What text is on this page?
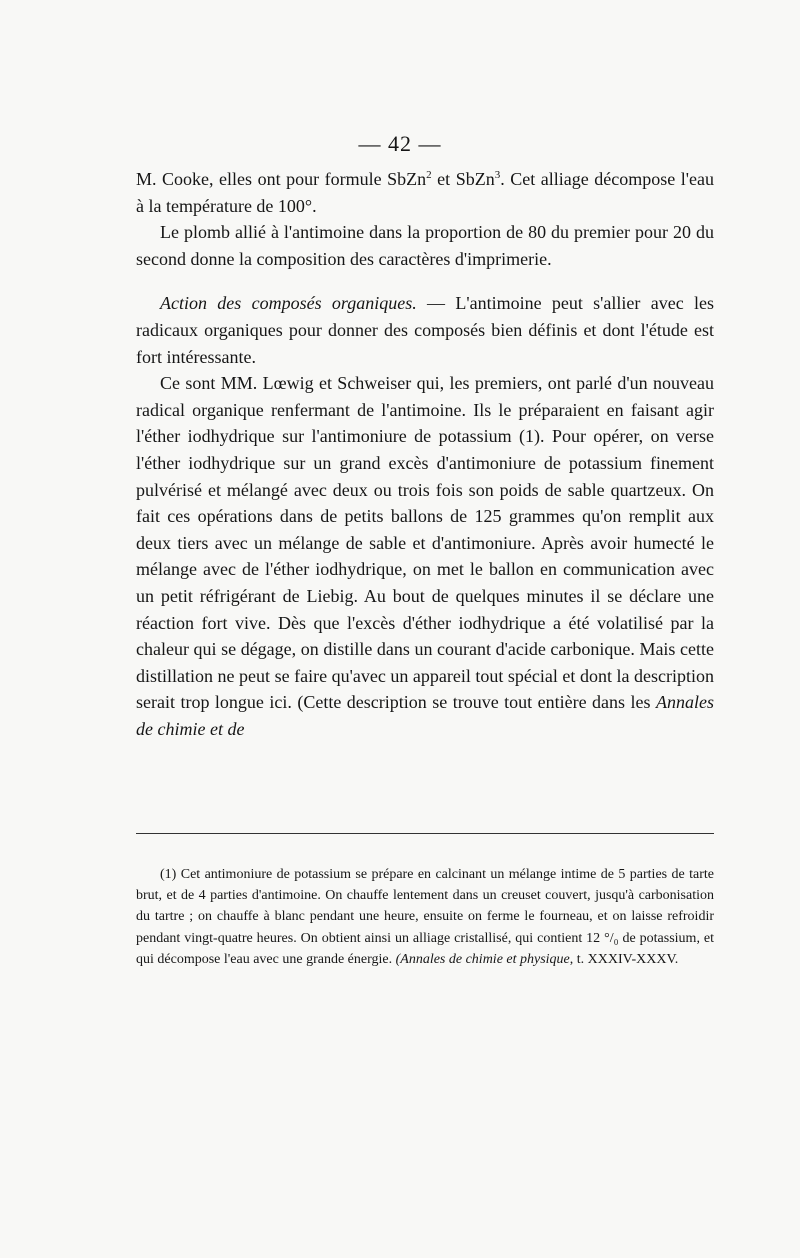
— 42 —

M. Cooke, elles ont pour formule SbZn$^2$ et SbZn$^3$. Cet alliage décompose l'eau à la température de 100°.

Le plomb allié à l'antimoine dans la proportion de 80 du premier pour 20 du second donne la composition des caractères d'imprimerie.

Action des composés organiques. — L'antimoine peut s'allier avec les radicaux organiques pour donner des composés bien définis et dont l'étude est fort intéressante.

Ce sont MM. Lœwig et Schweiser qui, les premiers, ont parlé d'un nouveau radical organique renfermant de l'antimoine. Ils le préparaient en faisant agir l'éther iodhydrique sur l'antimoniure de potassium (1). Pour opérer, on verse l'éther iodhydrique sur un grand excès d'antimoniure de potassium finement pulvérisé et mélangé avec deux ou trois fois son poids de sable quartzeux. On fait ces opérations dans de petits ballons de 125 grammes qu'on remplit aux deux tiers avec un mélange de sable et d'antimoniure. Après avoir humecté le mélange avec de l'éther iodhydrique, on met le ballon en communication avec un petit réfrigérant de Liebig. Au bout de quelques minutes il se déclare une réaction fort vive. Dès que l'excès d'éther iodhydrique a été volatilisé par la chaleur qui se dégage, on distille dans un courant d'acide carbonique. Mais cette distillation ne peut se faire qu'avec un appareil tout spécial et dont la description serait trop longue ici. (Cette description se trouve tout entière dans les Annales de chimie et de

(1) Cet antimoniure de potassium se prépare en calcinant un mélange intime de 5 parties de tarte brut, et de 4 parties d'antimoine. On chauffe lentement dans un creuset couvert, jusqu'à carbonisation du tartre ; on chauffe à blanc pendant une heure, ensuite on ferme le fourneau, et on laisse refroidir pendant vingt-quatre heures. On obtient ainsi un alliage cristallisé, qui contient 12 °/₀ de potassium, et qui décompose l'eau avec une grande énergie. (Annales de chimie et physique, t. XXXIV-XXXV.
